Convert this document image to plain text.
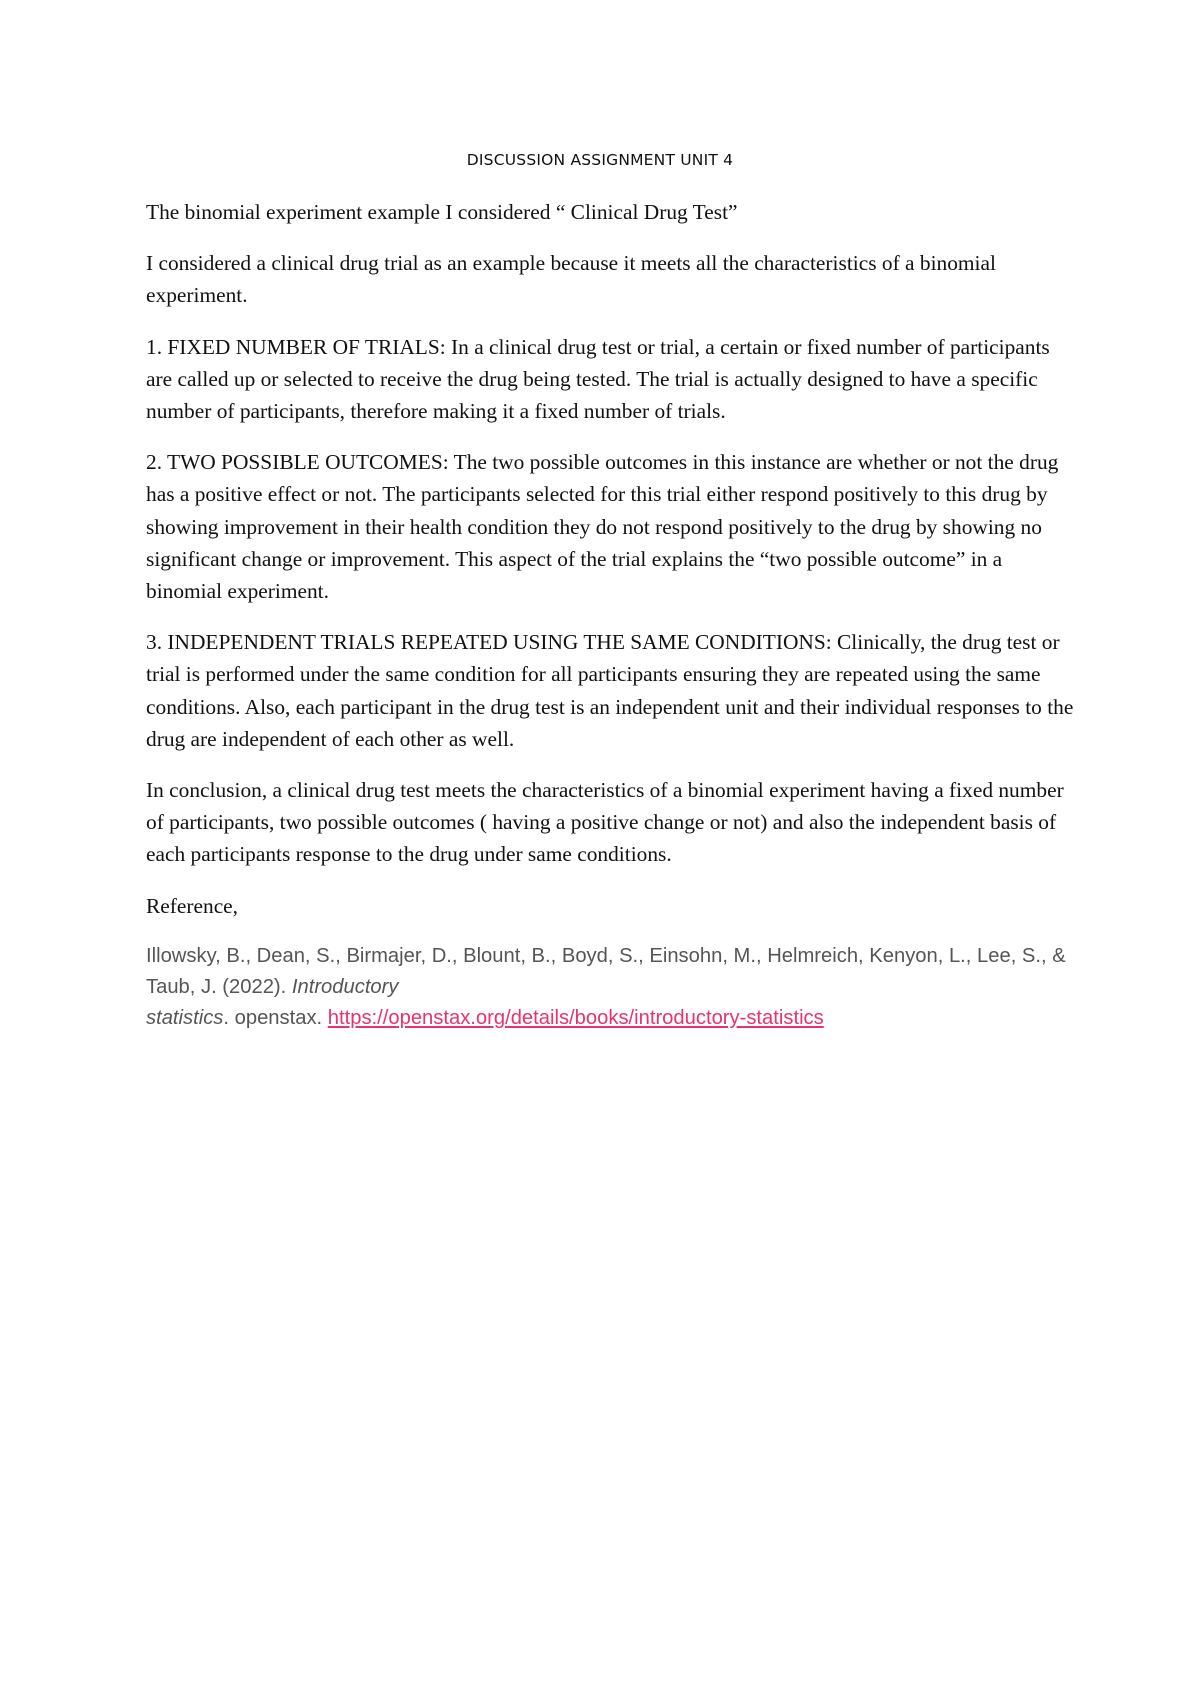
DISCUSSION ASSIGNMENT UNIT 4

The binomial experiment example I considered “ Clinical Drug Test”

I considered a clinical drug trial as an example because it meets all the characteristics of a binomial experiment.

1. FIXED NUMBER OF TRIALS: In a clinical drug test or trial, a certain or fixed number of participants are called up or selected to receive the drug being tested. The trial is actually designed to have a specific number of participants, therefore making it a fixed number of trials.

2. TWO POSSIBLE OUTCOMES: The two possible outcomes in this instance are whether or not the drug has a positive effect or not. The participants selected for this trial either respond positively to this drug by showing improvement in their health condition they do not respond positively to the drug by showing no significant change or improvement. This aspect of the trial explains the “two possible outcome” in a binomial experiment.

3. INDEPENDENT TRIALS REPEATED USING THE SAME CONDITIONS: Clinically, the drug test or trial is performed under the same condition for all participants ensuring they are repeated using the same conditions. Also, each participant in the drug test is an independent unit and their individual responses to the drug are independent of each other as well.

In conclusion, a clinical drug test meets the characteristics of a binomial experiment having a fixed number of participants, two possible outcomes ( having a positive change or not) and also the independent basis of each participants response to the drug under same conditions.

Reference,

Illowsky, B., Dean, S., Birmajer, D., Blount, B., Boyd, S., Einsohn, M., Helmreich, Kenyon, L., Lee, S., & Taub, J. (2022). Introductory
statistics. openstax. https://openstax.org/details/books/introductory-statistics
